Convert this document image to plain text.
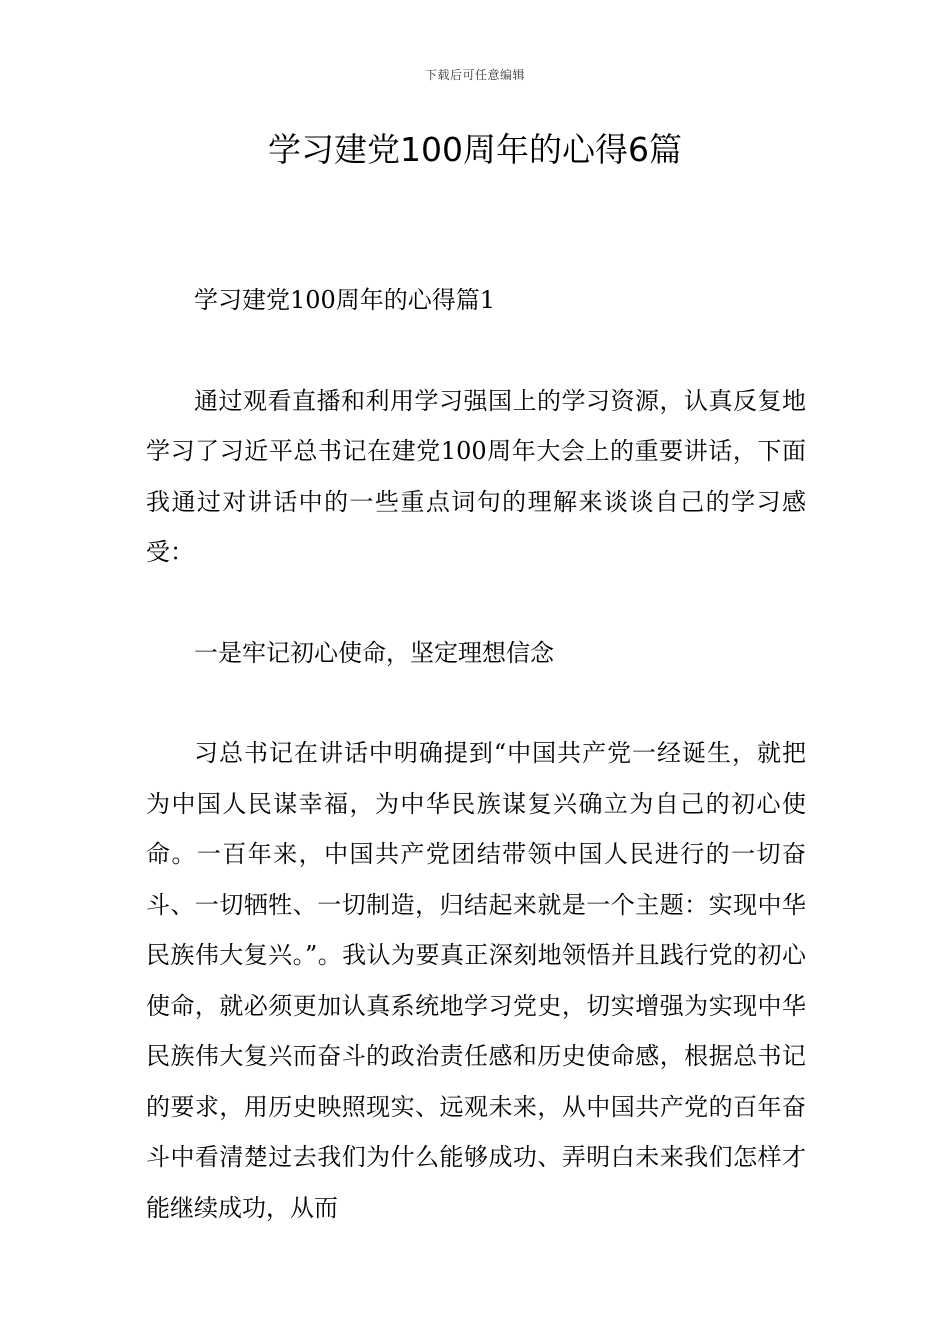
下载后可任意编辑
学习建党100周年的心得6篇

学习建党100周年的心得篇1

通过观看直播和利用学习强国上的学习资源，认真反复地学习了习近平总书记在建党100周年大会上的重要讲话，下面我通过对讲话中的一些重点词句的理解来谈谈自己的学习感受：

一是牢记初心使命，坚定理想信念

习总书记在讲话中明确提到“中国共产党一经诞生，就把为中国人民谋幸福，为中华民族谋复兴确立为自己的初心使命。一百年来，中国共产党团结带领中国人民进行的一切奋斗、一切牺牲、一切制造，归结起来就是一个主题：实现中华民族伟大复兴。”。我认为要真正深刻地领悟并且践行党的初心使命，就必须更加认真系统地学习党史，切实增强为实现中华民族伟大复兴而奋斗的政治责任感和历史使命感，根据总书记的要求，用历史映照现实、远观未来，从中国共产党的百年奋斗中看清楚过去我们为什么能够成功、弄明白未来我们怎样才能继续成功，从而
